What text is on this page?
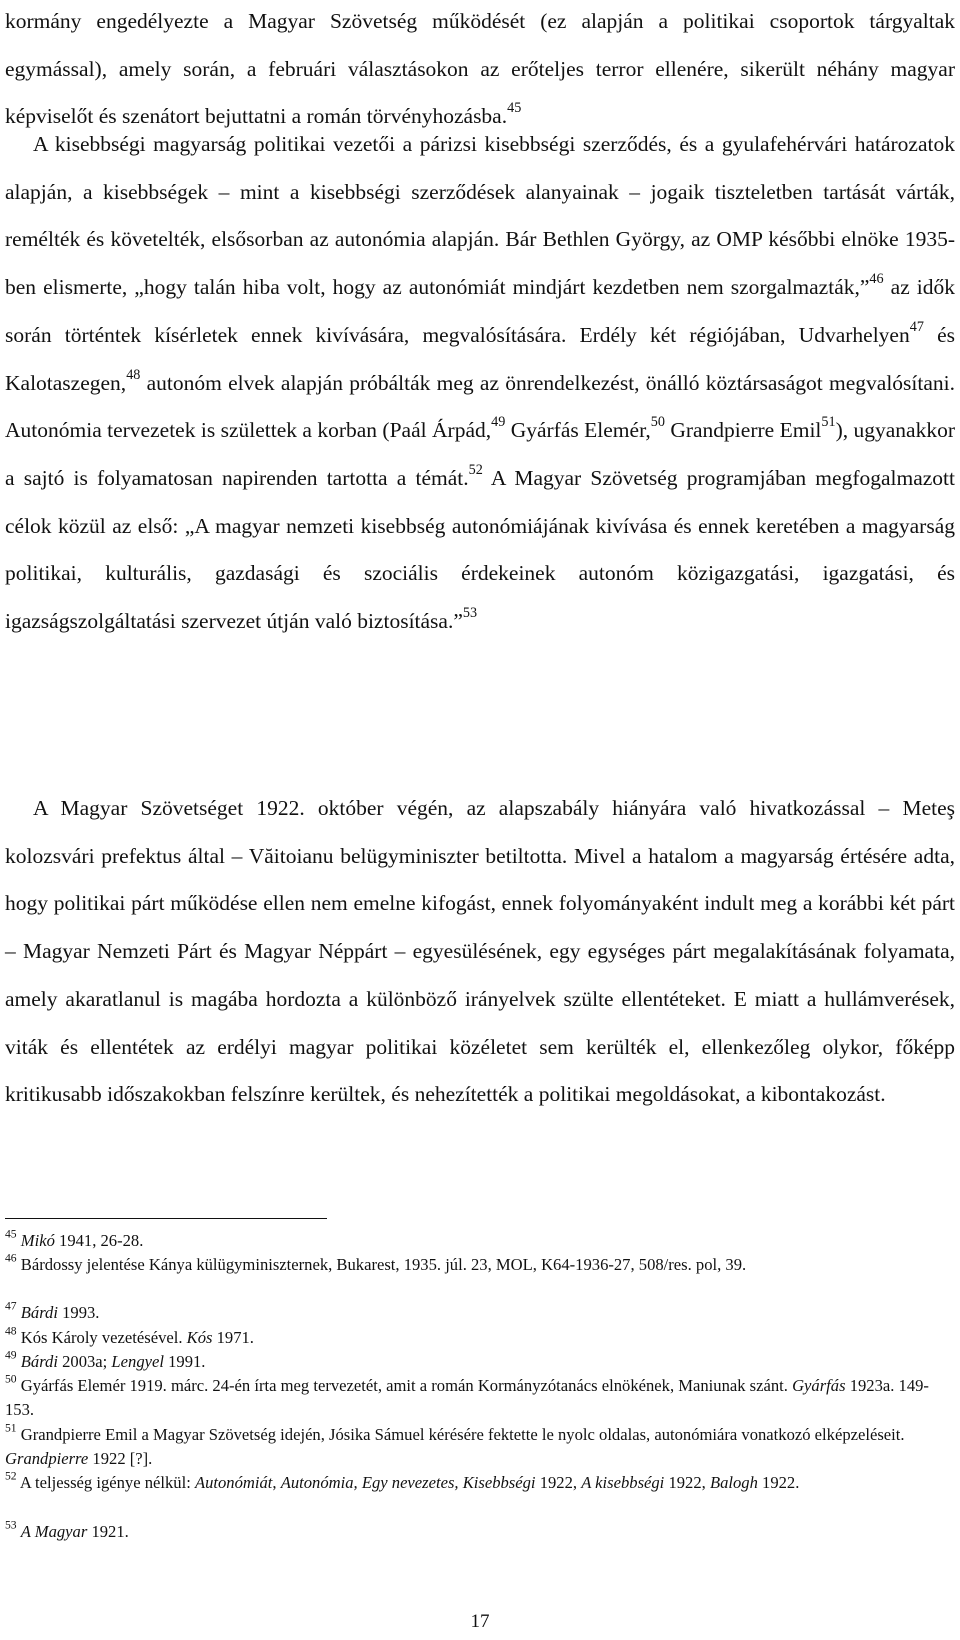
kormány engedélyezte a Magyar Szövetség működését (ez alapján a politikai csoportok tárgyaltak egymással), amely során, a februári választásokon az erőteljes terror ellenére, sikerült néhány magyar képviselőt és szenátort bejuttatni a román törvényhozásba.$^{45}$

A kisebbségi magyarság politikai vezetői a párizsi kisebbségi szerződés, és a gyulafehérvári határozatok alapján, a kisebbségek – mint a kisebbségi szerződések alanyainak – jogaik tiszteletben tartását várták, remélték és követelték, elsősorban az autonómia alapján. Bár Bethlen György, az OMP későbbi elnöke 1935-ben elismerte, „hogy talán hiba volt, hogy az autonómiát mindjárt kezdetben nem szorgalmazták,”$^{46}$ az idők során történtek kísérletek ennek kivívására, megvalósítására. Erdély két régiójában, Udvarhelyen$^{47}$ és Kalotaszegen,$^{48}$ autonóm elvek alapján próbálták meg az önrendelkezést, önálló köztársaságot megvalósítani. Autonómia tervezetek is születtek a korban (Paál Árpád,$^{49}$ Gyárfás Elemér,$^{50}$ Grandpierre Emil$^{51}$), ugyanakkor a sajtó is folyamatosan napirenden tartotta a témát.$^{52}$ A Magyar Szövetség programjában megfogalmazott célok közül az első: „A magyar nemzeti kisebbség autonómiájának kivívása és ennek keretében a magyarság politikai, kulturális, gazdasági és szociális érdekeinek autonóm közigazgatási, igazgatási, és igazságszolgáltatási szervezet útján való biztosítása.”$^{53}$

A Magyar Szövetséget 1922. október végén, az alapszabály hiányára való hivatkozással – Meteş kolozsvári prefektus által – Văitoianu belügyminiszter betiltotta. Mivel a hatalom a magyarság értésére adta, hogy politikai párt működése ellen nem emelne kifogást, ennek folyományaként indult meg a korábbi két párt – Magyar Nemzeti Párt és Magyar Néppárt – egyesülésének, egy egységes párt megalakításának folyamata, amely akaratlanul is magába hordozta a különböző irányelvek szülte ellentéteket. E miatt a hullámverések, viták és ellentétek az erdélyi magyar politikai közéletet sem kerülték el, ellenkezőleg olykor, főképp kritikusabb időszakokban felszínre kerültek, és nehezítették a politikai megoldásokat, a kibontakozást.

$^{45}$ Mikó 1941, 26-28.

$^{46}$ Bárdossy jelentése Kánya külügyminiszternek, Bukarest, 1935. júl. 23, MOL, K64-1936-27, 508/res. pol, 39.

$^{47}$ Bárdi 1993.

$^{48}$ Kós Károly vezetésével. Kós 1971.

$^{49}$ Bárdi 2003a; Lengyel 1991.

$^{50}$ Gyárfás Elemér 1919. márc. 24-én írta meg tervezetét, amit a román Kormányzótanács elnökének, Maniunak szánt. Gyárfás 1923a. 149-153.

$^{51}$ Grandpierre Emil a Magyar Szövetség idején, Jósika Sámuel kérésére fektette le nyolc oldalas, autonómiára vonatkozó elképzeléseit. Grandpierre 1922 [?].

$^{52}$ A teljesség igénye nélkül: Autonómiát, Autonómia, Egy nevezetes, Kisebbségi 1922, A kisebbségi 1922, Balogh 1922.

$^{53}$ A Magyar 1921.

17
